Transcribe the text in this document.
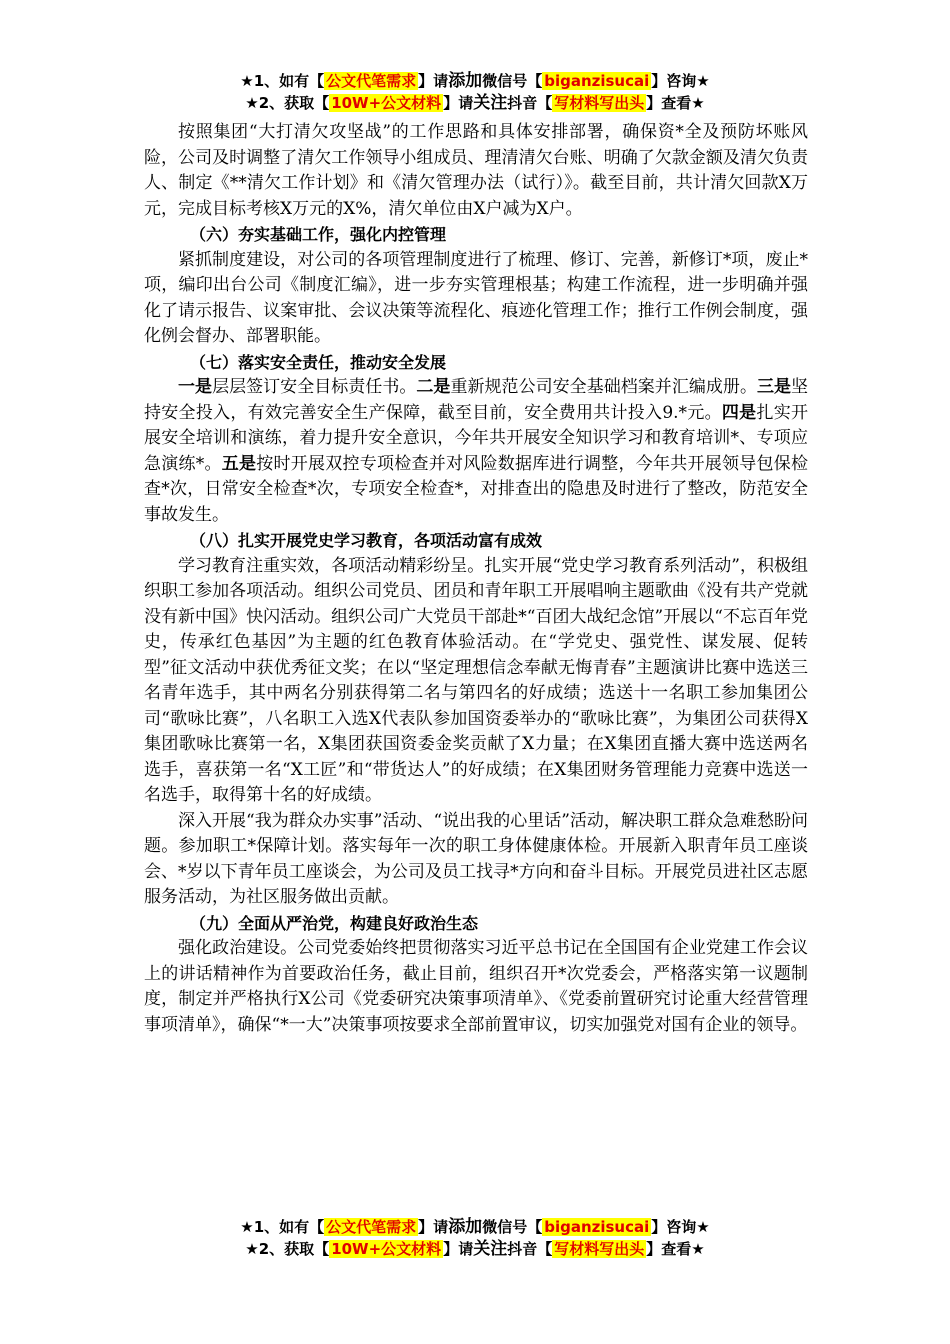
★1、如有【 公文代笔需求 】请添加微信号【 biganzisucai 】咨询★
★2、获取【 10W+公文材料 】请关注抖音【 写材料写出头 】查看★

按照集团“大打清欠攻坚战”的工作思路和具体安排部署，确保资*全及预防坏账风险，公司及时调整了清欠工作领导小组成员、理清清欠台账、明确了欠款金额及清欠负责人、制定《**清欠工作计划》和《清欠管理办法（试行）》。截至目前，共计清欠回款X万元，完成目标考核X万元的X%，清欠单位由X户减为X户。

（六）夯实基础工作，强化内控管理

紧抓制度建设，对公司的各项管理制度进行了梳理、修订、完善，新修订*项，废止*项，编印出台公司《制度汇编》，进一步夯实管理根基；构建工作流程，进一步明确并强化了请示报告、议案审批、会议决策等流程化、痕迹化管理工作；推行工作例会制度，强化例会督办、部署职能。

（七）落实安全责任，推动安全发展

一是层层签订安全目标责任书。二是重新规范公司安全基础档案并汇编成册。三是坚持安全投入，有效完善安全生产保障，截至目前，安全费用共计投入9.*元。四是扎实开展安全培训和演练，着力提升安全意识，今年共开展安全知识学习和教育培训*、专项应急演练*。五是按时开展双控专项检查并对风险数据库进行调整，今年共开展领导包保检查*次，日常安全检查*次，专项安全检查*，对排查出的隐患及时进行了整改，防范安全事故发生。

（八）扎实开展党史学习教育，各项活动富有成效

学习教育注重实效，各项活动精彩纷呈。扎实开展“党史学习教育系列活动”，积极组织职工参加各项活动。组织公司党员、团员和青年职工开展唱响主题歌曲《没有共产党就没有新中国》快闪活动。组织公司广大党员干部赴*“百团大战纪念馆”开展以“不忘百年党史，传承红色基因”为主题的红色教育体验活动。在“学党史、强党性、谋发展、促转型”征文活动中获优秀征文奖；在以“坚定理想信念奉献无悔青春”主题演讲比赛中选送三名青年选手，其中两名分别获得第二名与第四名的好成绩；选送十一名职工参加集团公司“歌咏比赛”，八名职工入选X代表队参加国资委举办的“歌咏比赛”，为集团公司获得X集团歌咏比赛第一名，X集团获国资委金奖贡献了X力量；在X集团直播大赛中选送两名选手，喜获第一名“X工匠”和“带货达人”的好成绩；在X集团财务管理能力竞赛中选送一名选手，取得第十名的好成绩。

深入开展“我为群众办实事”活动、“说出我的心里话”活动，解决职工群众急难愁盼问题。参加职工*保障计划。落实每年一次的职工身体健康体检。开展新入职青年员工座谈会、*岁以下青年员工座谈会，为公司及员工找寻*方向和奋斗目标。开展党员进社区志愿服务活动，为社区服务做出贡献。

（九）全面从严治党，构建良好政治生态

强化政治建设。公司党委始终把贯彻落实习近平总书记在全国国有企业党建工作会议上的讲话精神作为首要政治任务，截止目前，组织召开*次党委会，严格落实第一议题制度，制定并严格执行X公司《党委研究决策事项清单》、《党委前置研究讨论重大经营管理事项清单》，确保“*一大”决策事项按要求全部前置审议，切实加强党对国有企业的领导。

★1、如有【 公文代笔需求 】请添加微信号【 biganzisucai 】咨询★
★2、获取【 10W+公文材料 】请关注抖音【 写材料写出头 】查看★
